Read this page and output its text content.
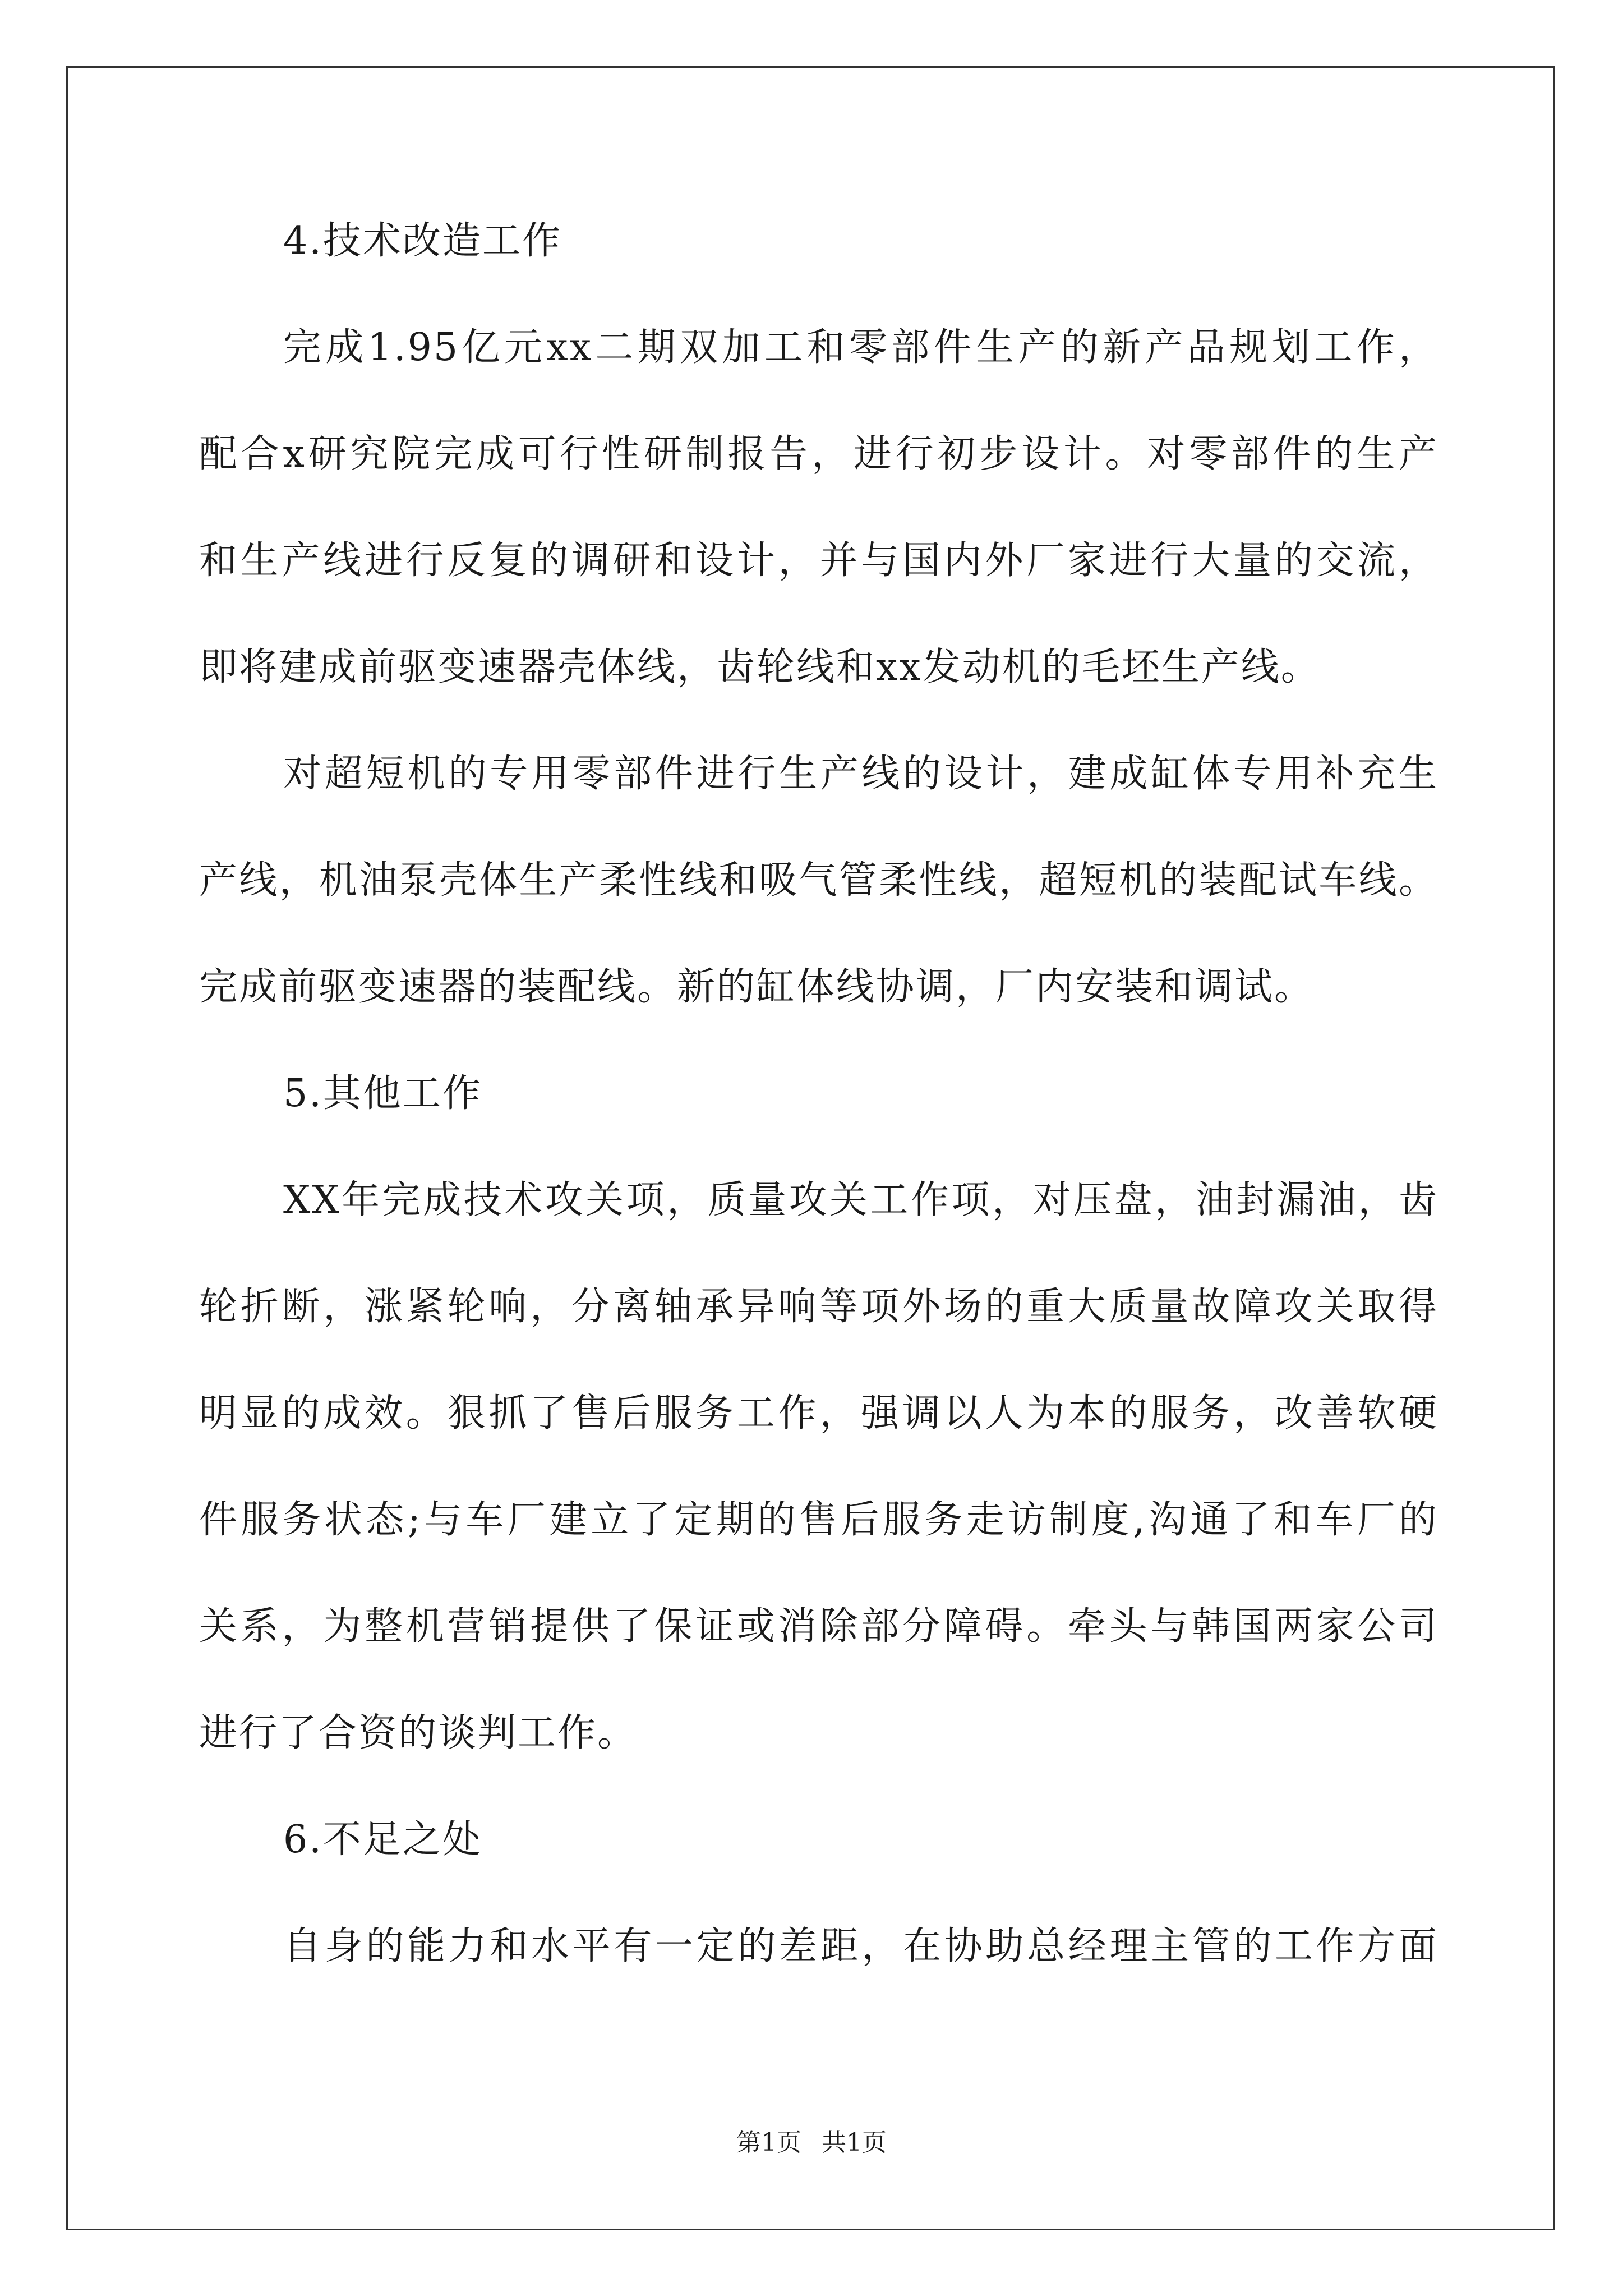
4.技术改造工作
完成1.95亿元xx二期双加工和零部件生产的新产品规划工作，
配合x研究院完成可行性研制报告，进行初步设计。对零部件的生产
和生产线进行反复的调研和设计，并与国内外厂家进行大量的交流，
即将建成前驱变速器壳体线，齿轮线和xx发动机的毛坯生产线。
对超短机的专用零部件进行生产线的设计，建成缸体专用补充生
产线，机油泵壳体生产柔性线和吸气管柔性线，超短机的装配试车线。
完成前驱变速器的装配线。新的缸体线协调，厂内安装和调试。
5.其他工作
XX年完成技术攻关项，质量攻关工作项，对压盘，油封漏油，齿
轮折断，涨紧轮响，分离轴承异响等项外场的重大质量故障攻关取得
明显的成效。狠抓了售后服务工作，强调以人为本的服务，改善软硬
件服务状态;与车厂建立了定期的售后服务走访制度,沟通了和车厂的
关系，为整机营销提供了保证或消除部分障碍。牵头与韩国两家公司
进行了合资的谈判工作。
6.不足之处
自身的能力和水平有一定的差距，在协助总经理主管的工作方面
第1页 共1页
